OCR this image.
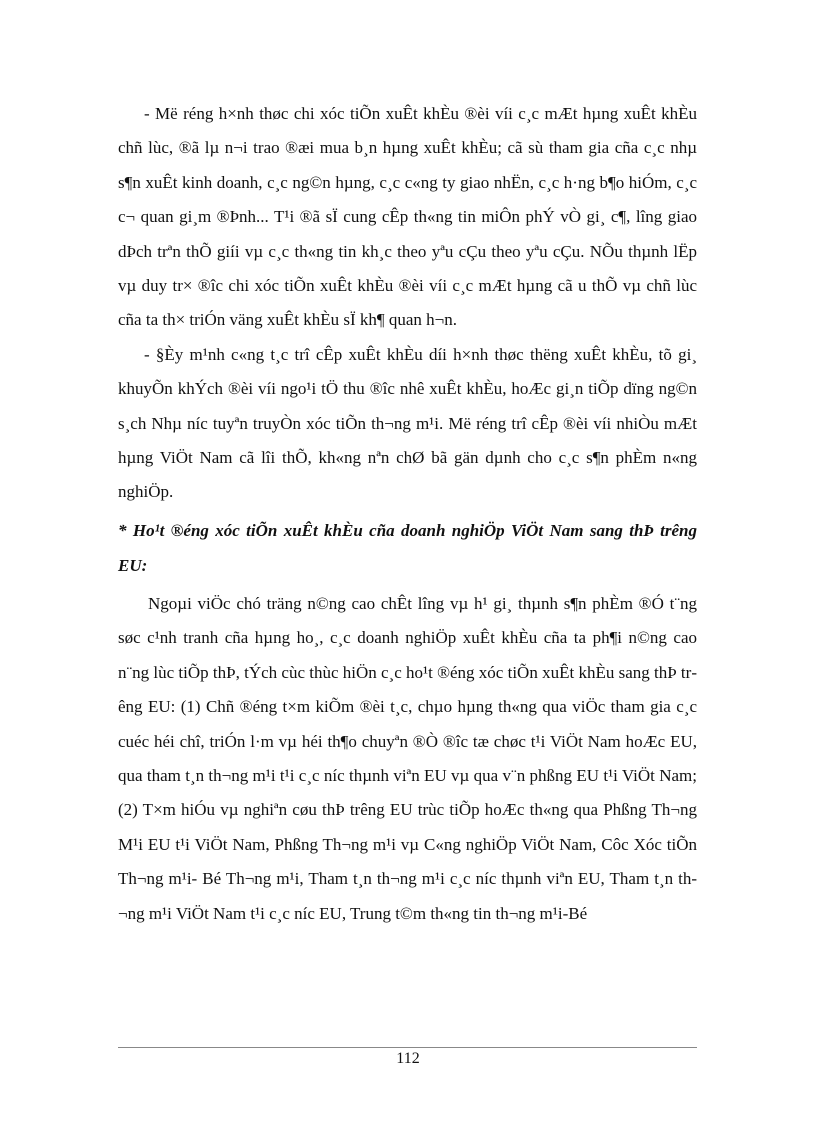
- Më réng h×nh thøc chi xóc tiÕn xuÊt khÈu ®èi víi c¸c mÆt hµng xuÊt khÈu chñ lùc, ®ã lµ n¬i trao ®æi mua b¸n hµng xuÊt khÈu; cã sù tham gia cña c¸c nhµ s¶n xuÊt kinh doanh, c¸c ng©n hµng, c¸c c«ng ty giao nhËn, c¸c h·ng b¶o hiÓm, c¸c c¬ quan gi¸m ®Þnh... T¹i ®ã sÏ cung cÊp th«ng tin miÔn phÝ vÒ gi¸ c¶, lîng giao dÞch trªn thÕ giíi vµ c¸c th«ng tin kh¸c theo yªu cÇu theo yªu cÇu. NÕu thµnh lËp vµ duy tr× ®îc chi xóc tiÕn xuÊt khÈu ®èi víi c¸c mÆt hµng cã u thÕ vµ chñ lùc cña ta th× triÓn väng xuÊt khÈu sÏ kh¶ quan h¬n.

- §Èy m¹nh c«ng t¸c trî cÊp xuÊt khÈu díi h×nh thøc thëng xuÊt khÈu, tõ gi¸ khuyÕn khÝch ®èi víi ngo¹i tÖ thu ®îc nhê xuÊt khÈu, hoÆc gi¸n tiÕp dïng ng©n s¸ch Nhµ níc tuyªn truyÒn xóc tiÕn th¬ng m¹i. Më réng trî cÊp ®èi víi nhiÒu mÆt hµng ViÖt Nam cã lîi thÕ, kh«ng nªn chØ bã gän dµnh cho c¸c s¶n phÈm n«ng nghiÖp.

* Ho¹t ®éng xóc tiÕn xuÊt khÈu cña doanh nghiÖp ViÖt Nam sang thÞ trêng EU:

Ngoµi viÖc chó träng n©ng cao chÊt lîng vµ h¹ gi¸ thµnh s¶n phÈm ®Ó t¨ng søc c¹nh tranh cña hµng ho¸, c¸c doanh nghiÖp xuÊt khÈu cña ta ph¶i n©ng cao n¨ng lùc tiÕp thÞ, tÝch cùc thùc hiÖn c¸c ho¹t ®éng xóc tiÕn xuÊt khÈu sang thÞ trêng EU: (1) Chñ ®éng t×m kiÕm ®èi t¸c, chµo hµng th«ng qua viÖc tham gia c¸c cuéc héi chî, triÓn l·m vµ héi th¶o chuyªn ®Ò ®îc tæ chøc t¹i ViÖt Nam hoÆc EU, qua tham t¸n th¬ng m¹i t¹i c¸c níc thµnh viªn EU vµ qua v¨n phßng EU t¹i ViÖt Nam; (2) T×m hiÓu vµ nghiªn cøu thÞ trêng EU trùc tiÕp hoÆc th«ng qua Phßng Th¬ng M¹i EU t¹i ViÖt Nam, Phßng Th¬ng m¹i vµ C«ng nghiÖp ViÖt Nam, Côc Xóc tiÕn Th¬ng m¹i- Bé Th¬ng m¹i, Tham t¸n th¬ng m¹i c¸c níc thµnh viªn EU, Tham t¸n th¬ng m¹i ViÖt Nam t¹i c¸c níc EU, Trung t©m th«ng tin th¬ng m¹i-Bé

112
